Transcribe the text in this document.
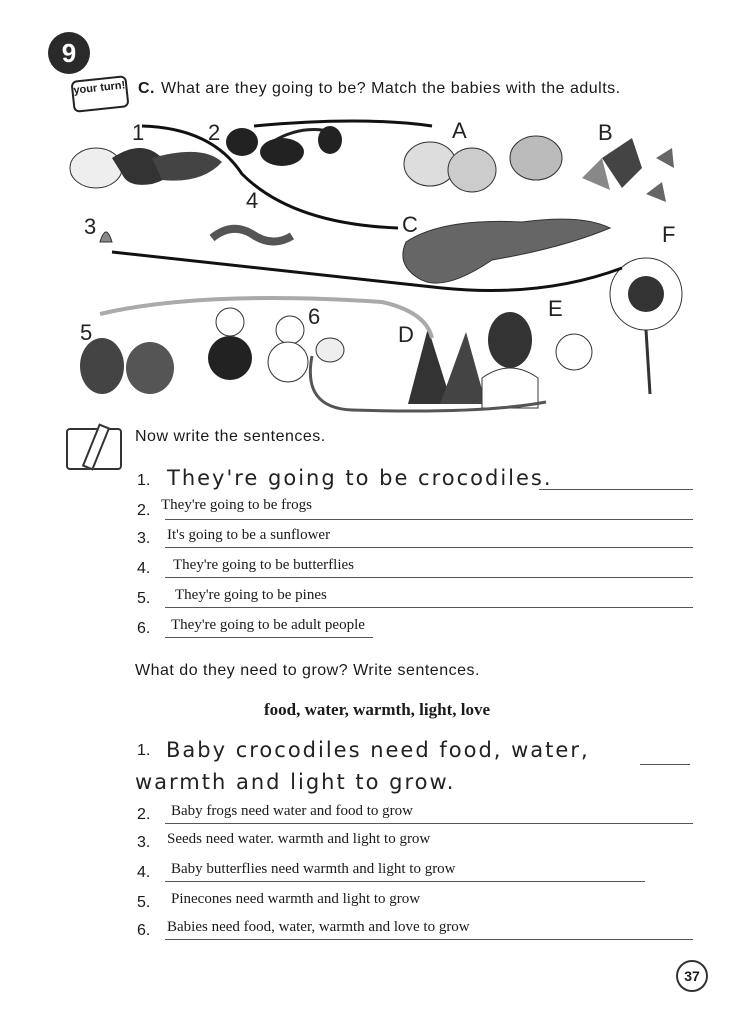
9
your turn! C. What are they going to be? Match the babies with the adults.
1	2
3
4
5
6
A	B
C
D
E
F
Now write the sentences.
1. They're going to be crocodiles.
2. They're going to be frogs
3. It's going to be a sunflower
4. They're going to be butterflies
5. They're going to be pines
6. They're going to be adult people
What do they need to grow? Write sentences.
food, water, warmth, light, love
1. Baby crocodiles need food, water,
warmth and light to grow.
2. Baby frogs need water and food to grow
3. Seeds need water. warmth and light to grow
4. Baby butterflies need warmth and light to grow
5. Pinecones need warmth and light to grow
6. Babies need food, water, warmth and love to grow
37
